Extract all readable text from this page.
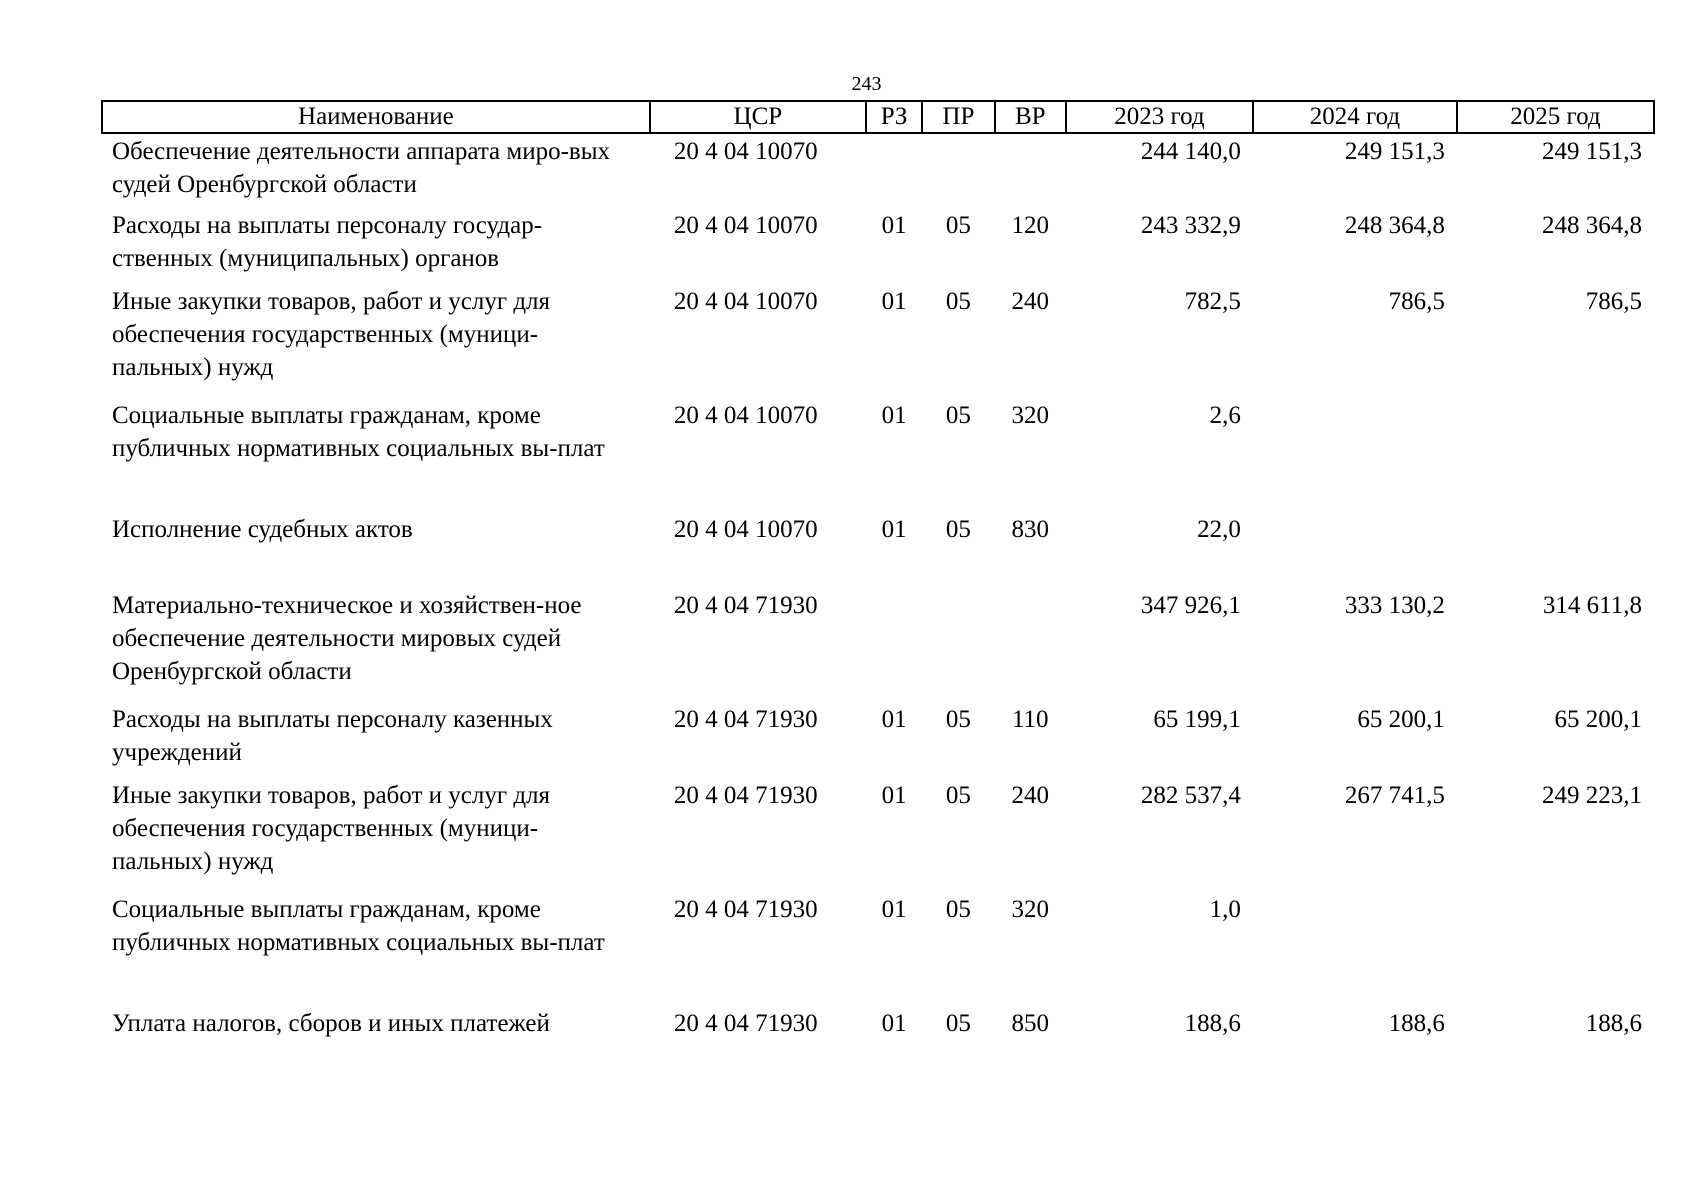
243
Наименование	ЦСР	РЗ	ПР	ВР	2023 год	2024 год	2025 год
Обеспечение деятельности аппарата миро-вых судей Оренбургской области	20 4 04 10070				244 140,0	249 151,3	249 151,3
Расходы на выплаты персоналу государ-ственных (муниципальных) органов	20 4 04 10070	01	05	120	243 332,9	248 364,8	248 364,8
Иные закупки товаров, работ и услуг для обеспечения государственных (муници-пальных) нужд	20 4 04 10070	01	05	240	782,5	786,5	786,5
Социальные выплаты гражданам, кроме публичных нормативных социальных вы-плат	20 4 04 10070	01	05	320	2,6		
Исполнение судебных актов	20 4 04 10070	01	05	830	22,0		
Материально-техническое и хозяйствен-ное обеспечение деятельности мировых судей Оренбургской области	20 4 04 71930				347 926,1	333 130,2	314 611,8
Расходы на выплаты персоналу казенных учреждений	20 4 04 71930	01	05	110	65 199,1	65 200,1	65 200,1
Иные закупки товаров, работ и услуг для обеспечения государственных (муници-пальных) нужд	20 4 04 71930	01	05	240	282 537,4	267 741,5	249 223,1
Социальные выплаты гражданам, кроме публичных нормативных социальных вы-плат	20 4 04 71930	01	05	320	1,0		
Уплата налогов, сборов и иных платежей	20 4 04 71930	01	05	850	188,6	188,6	188,6
